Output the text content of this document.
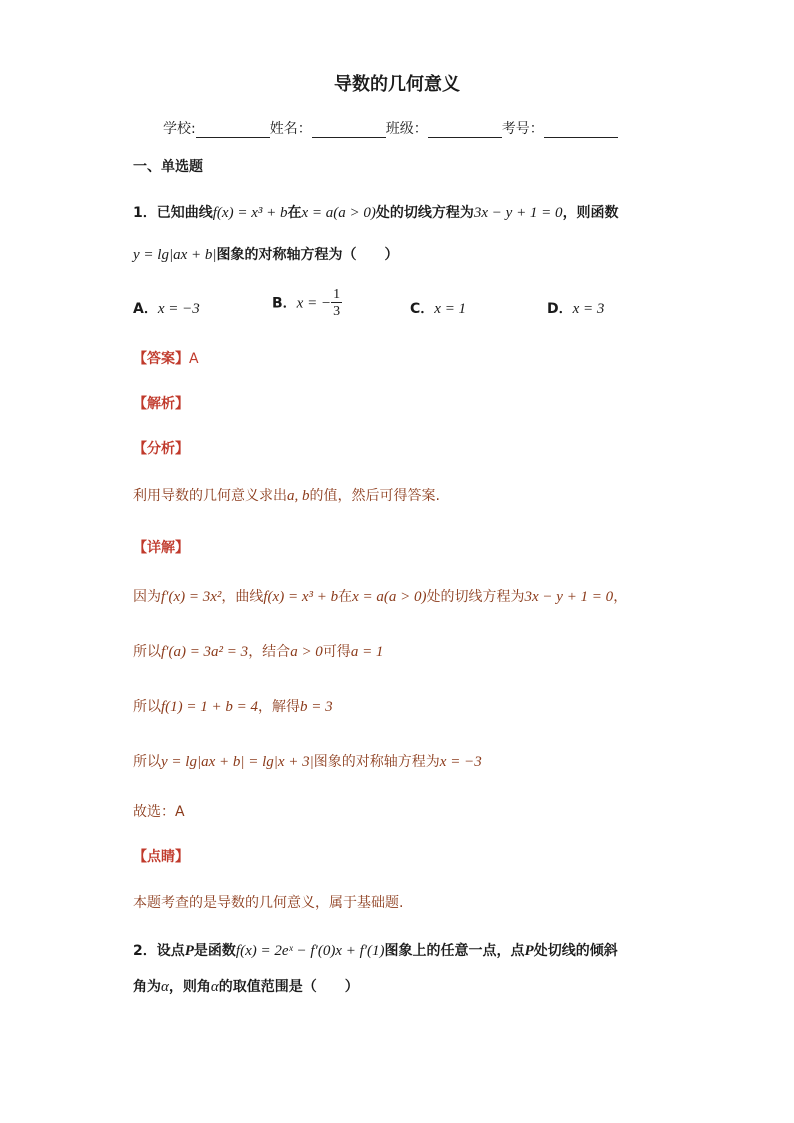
导数的几何意义
学校:	姓名：	班级：	考号：
一、单选题
1．已知曲线f(x) = x³ + b在x = a(a > 0)处的切线方程为3x − y + 1 = 0，则函数
y = lg|ax + b|图象的对称轴方程为（　　）
A．x = −3	B．x = − $\frac{1}{3}$	C．x = 1	D．x = 3
【答案】A
【解析】
【分析】
利用导数的几何意义求出a, b的值，然后可得答案.
【详解】
因为f′(x) = 3x²，曲线f(x) = x³ + b在x = a(a > 0)处的切线方程为3x − y + 1 = 0，
所以f′(a) = 3a² = 3，结合a > 0可得a = 1
所以f(1) = 1 + b = 4，解得b = 3
所以y = lg|ax + b| = lg|x + 3|图象的对称轴方程为x = −3
故选：A
【点睛】
本题考查的是导数的几何意义，属于基础题.
2．设点P是函数f(x) = 2eˣ − f′(0)x + f′(1)图象上的任意一点，点P处切线的倾斜
角为α，则角α的取值范围是（　　）
